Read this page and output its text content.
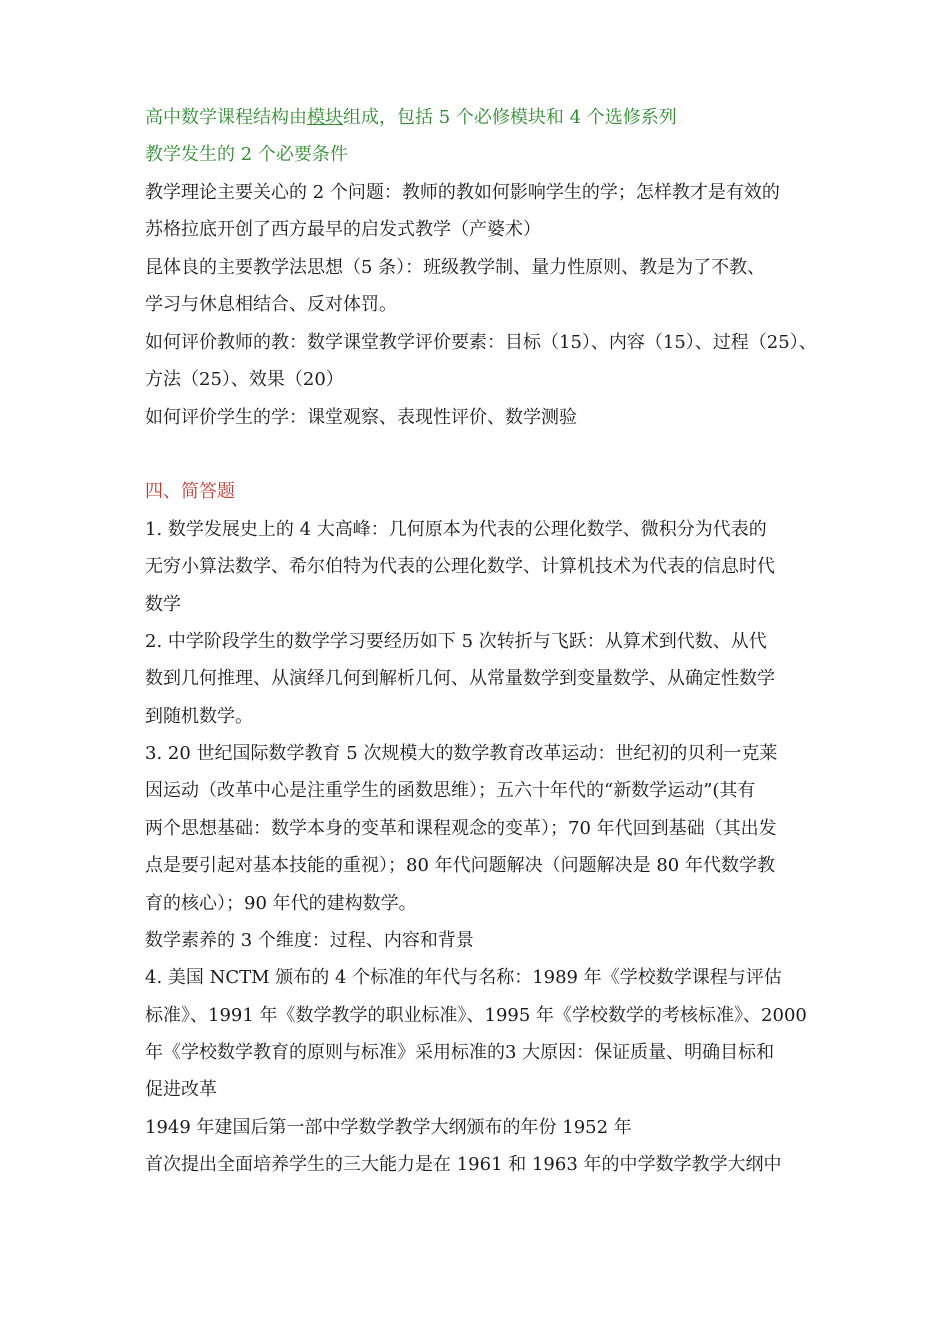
高中数学课程结构由模块组成，包括 5 个必修模块和 4 个选修系列
教学发生的 2 个必要条件
教学理论主要关心的 2 个问题：教师的教如何影响学生的学；怎样教才是有效的
苏格拉底开创了西方最早的启发式教学（产婆术）
昆体良的主要教学法思想（5 条）：班级教学制、量力性原则、教是为了不教、
学习与休息相结合、反对体罚。
如何评价教师的教：数学课堂教学评价要素：目标（15）、内容（15）、过程（25）、
方法（25）、效果（20）
如何评价学生的学：课堂观察、表现性评价、数学测验
四、简答题
1. 数学发展史上的 4 大高峰：几何原本为代表的公理化数学、微积分为代表的
无穷小算法数学、希尔伯特为代表的公理化数学、计算机技术为代表的信息时代
数学
2. 中学阶段学生的数学学习要经历如下 5 次转折与飞跃：从算术到代数、从代
数到几何推理、从演绎几何到解析几何、从常量数学到变量数学、从确定性数学
到随机数学。
3. 20 世纪国际数学教育 5 次规模大的数学教育改革运动：世纪初的贝利一克莱
因运动（改革中心是注重学生的函数思维）；五六十年代的“新数学运动”(其有
两个思想基础：数学本身的变革和课程观念的变革）；70 年代回到基础（其出发
点是要引起对基本技能的重视）；80 年代问题解决（问题解决是 80 年代数学教
育的核心）；90 年代的建构数学。
数学素养的 3 个维度：过程、内容和背景
4. 美国 NCTM 颁布的 4 个标准的年代与名称：1989 年《学校数学课程与评估
标准》、1991 年《数学教学的职业标准》、1995 年《学校数学的考核标准》、2000
年《学校数学教育的原则与标准》采用标准的3 大原因：保证质量、明确目标和
促进改革
1949 年建国后第一部中学数学教学大纲颁布的年份 1952 年
首次提出全面培养学生的三大能力是在 1961 和 1963 年的中学数学教学大纲中
